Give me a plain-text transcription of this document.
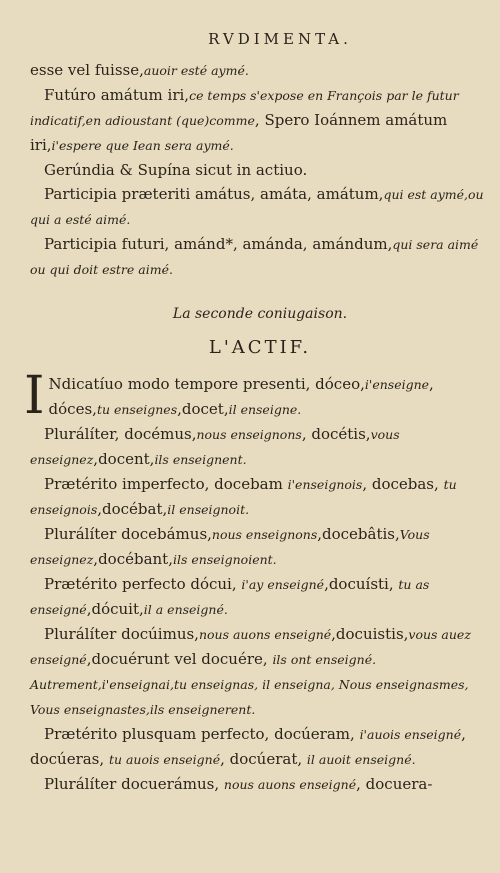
RVDIMENTA.

esse vel fuisse,auoir esté aymé.

Futúro amátum iri,ce temps s'expose en François par le futur indicatif,en adioustant (que)comme, Spero Ioánnem amátum iri,i'espere que Iean sera aymé.

Gerúndia & Supína sicut in actiuo.

Participia præteriti amátus, amáta, amátum,qui est aymé,ou qui a esté aimé.

Participia futuri, amánd*, amánda, amándum,qui sera aimé ou qui doit estre aimé.

La seconde coniugaison.
L'ACTIF.

I Ndicatíuo modo tempore presenti, dóceo,i'enseigne, dóces,tu enseignes,docet,il enseigne.

Plurálíter, docémus,nous enseignons, docétis,vous enseignez,docent,ils enseignent.

Prætérito imperfecto, docebam i'enseignois, docebas, tu enseignois,docébat,il enseignoit.

Plurálíter docebámus,nous enseignons,docebâtis,Vous enseignez,docébant,ils enseignoient.

Prætérito perfecto dócui, i'ay enseigné,docuísti, tu as enseigné,dócuit,il a enseigné.

Plurálíter docúimus,nous auons enseigné,docuistis,vous auez enseigné,docuérunt vel docuére, ils ont enseigné. Autrement,i'enseignai,tu enseignas, il enseigna, Nous enseignasmes, Vous enseignastes,ils enseignerent.

Prætérito plusquam perfecto, docúeram, i'auois enseigné, docúeras, tu auois enseigné, docúerat, il auoit enseigné.

Plurálíter docuerámus, nous auons enseigné, docuera-
